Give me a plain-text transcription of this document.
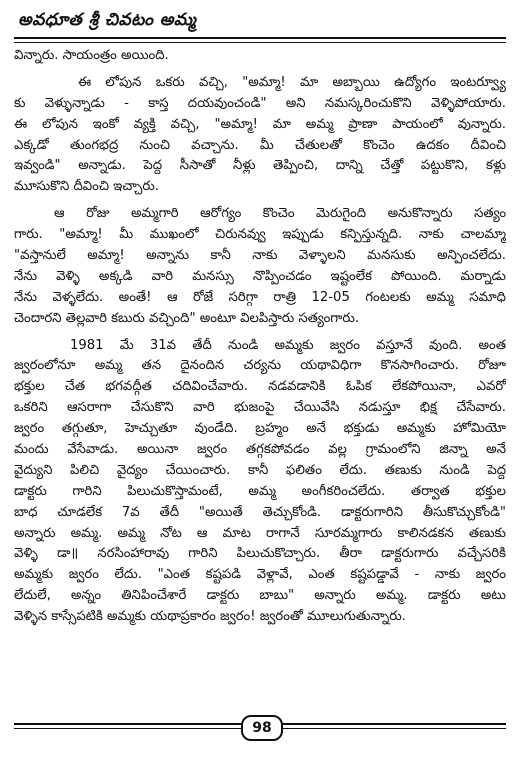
అవధూత శ్రీ చివటం అమ్మ
విన్నారు. సాయంత్రం అయింది.
ఈ లోపున ఒకరు వచ్చి, "అమ్మా! మా అబ్బాయి ఉద్యోగం ఇంటర్వ్యూ
కు వెళ్ళున్నాడు - కాస్త దయవుంచండి" అని నమస్కరించుకొని వెళ్ళిపోయారు.
ఈ లోపున ఇంకో వ్యక్తి వచ్చి, "అమ్మా! మా అమ్మ ప్రాణా పాయంలో వున్నారు.
ఎక్కడో తుంగభద్ర నుంచి వచ్చాను. మీ చేతులతో కొంచెం ఉదకం దీవించి
ఇవ్వండి" అన్నాడు. పెద్ద సీసాతో నీళ్లు తెప్పించి, దాన్ని చేత్తో పట్టుకొని, కళ్లు
మూసుకొని దీవించి ఇచ్చారు.
ఆ రోజు అమ్మగారి ఆరోగ్యం కొంచెం మెరుగైంది అనుకొన్నారు సత్యం
గారు. "అమ్మా! మీ ముఖంలో చిరునవ్వు ఇప్పుడు కన్పిస్తున్నది. నాకు చాలమ్మా
"వస్తానులే అమ్మా! అన్నాను కానీ నాకు వెళ్ళాలని మనసుకు అన్పించలేదు.
నేను వెళ్ళి అక్కడి వారి మనస్సు నొప్పించడం ఇష్టంలేక పోయింది. మర్నాడు
నేను వెళ్ళలేదు. అంతే! ఆ రోజే సరిగ్గా రాత్రి 12-05 గంటలకు అమ్మ సమాధి
చెందారని తెల్లవారి కబురు వచ్చింది" అంటూ విలపిస్తారు సత్యంగారు.
1981 మే 31వ తేదీ నుండి అమ్మకు జ్వరం వస్తూనే వుంది. అంత
జ్వరంలోనూ అమ్మ తన దైనందిన చర్యను యథావిధిగా కొనసాగించారు. రోజూ
భక్తుల చేత భగవద్గీత చదివించేవారు. నడవడానికి ఓపిక లేకపోయినా, ఎవరో
ఒకరిని ఆసరాగా చేసుకొని వారి భుజంపై చేయివేసి నడుస్తూ భిక్ష చేసేవారు.
జ్వరం తగ్గుతూ, హెచ్చుతూ వుండేది. బ్రహ్మం అనే భక్తుడు అమ్మకు హోమియో
మందు వేసేవాడు. అయినా జ్వరం తగ్గకపోవడం వల్ల గ్రామంలోని జిన్నా అనే
వైద్యుని పిలిచి వైద్యం చేయించారు. కానీ ఫలితం లేదు. తణుకు నుండి పెద్ద
డాక్టరు గారిని పిలుచుకొస్తామంటే, అమ్మ అంగీకరించలేదు. తర్వాత భక్తుల
బాధ చూడలేక 7వ తేదీ "అయితే తెచ్చుకోండి. డాక్టరుగారిని తీసుకొచ్చుకోండి"
అన్నారు అమ్మ. అమ్మ నోట ఆ మాట రాగానే సూరమ్మగారు కాలినడకన తణుకు
వెళ్ళి డా॥ నరసింహారావు గారిని పిలుచుకొచ్చారు. తీరా డాక్టరుగారు వచ్చేసరికి
అమ్మకు జ్వరం లేదు. "ఎంత కష్టపడి వెళ్లావే, ఎంత కష్టపడ్డావే - నాకు జ్వరం
లేదులే, అన్నం తినిపించేశారే డాక్టరు బాబు" అన్నారు అమ్మ. డాక్టరు అటు
వెళ్ళిన కాస్సేపటికి అమ్మకు యథాప్రకారం జ్వరం! జ్వరంతో మూలుగుతున్నారు.
98
